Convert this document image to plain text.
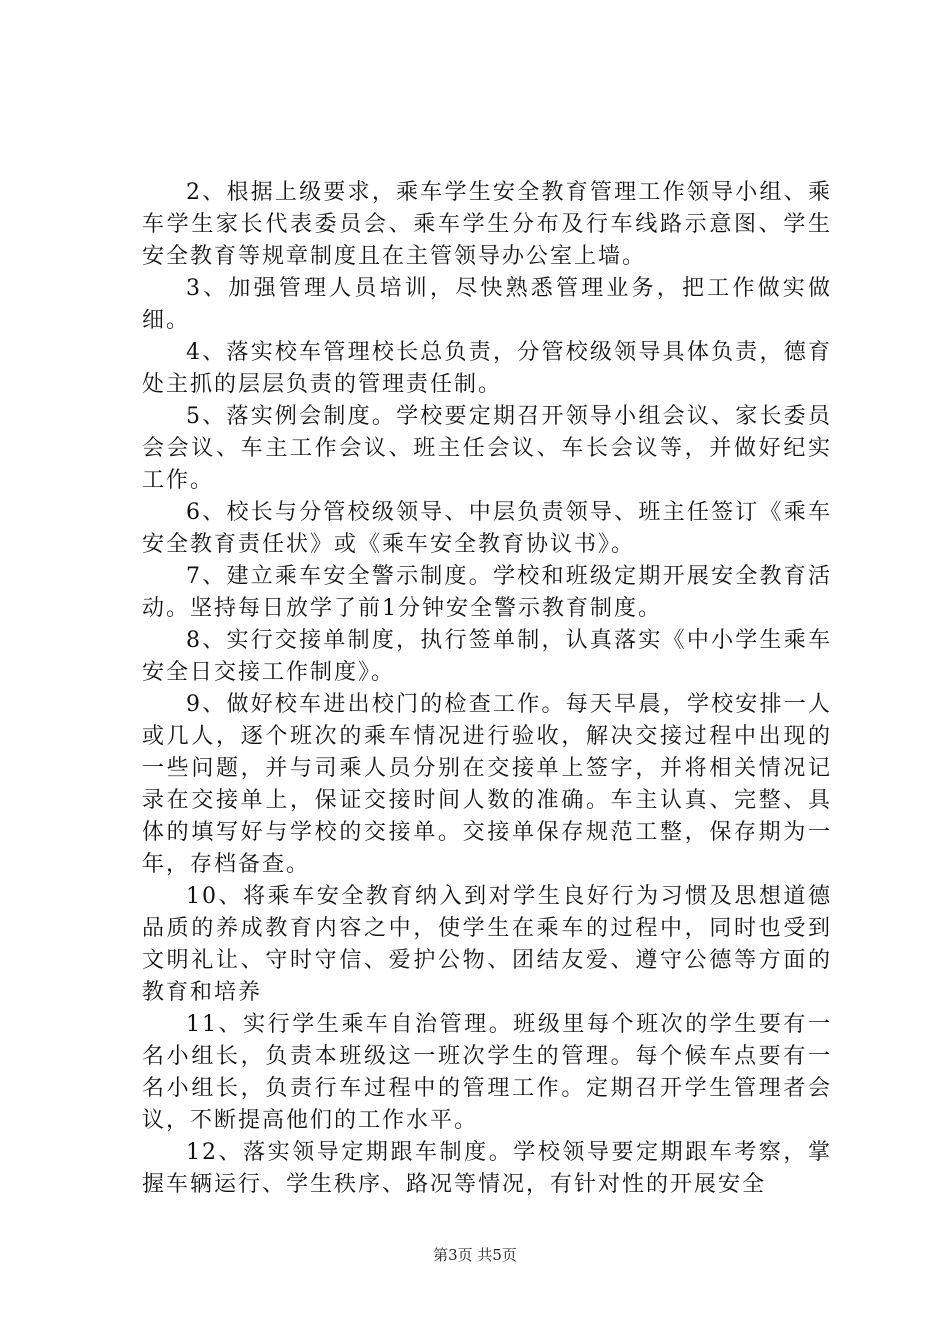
2、根据上级要求，乘车学生安全教育管理工作领导小组、乘车学生家长代表委员会、乘车学生分布及行车线路示意图、学生安全教育等规章制度且在主管领导办公室上墙。

3、加强管理人员培训，尽快熟悉管理业务，把工作做实做细。

4、落实校车管理校长总负责，分管校级领导具体负责，德育处主抓的层层负责的管理责任制。

5、落实例会制度。学校要定期召开领导小组会议、家长委员会会议、车主工作会议、班主任会议、车长会议等，并做好纪实工作。

6、校长与分管校级领导、中层负责领导、班主任签订《乘车安全教育责任状》或《乘车安全教育协议书》。

7、建立乘车安全警示制度。学校和班级定期开展安全教育活动。坚持每日放学了前1分钟安全警示教育制度。

8、实行交接单制度，执行签单制，认真落实《中小学生乘车安全日交接工作制度》。

9、做好校车进出校门的检查工作。每天早晨，学校安排一人或几人，逐个班次的乘车情况进行验收，解决交接过程中出现的一些问题，并与司乘人员分别在交接单上签字，并将相关情况记录在交接单上，保证交接时间人数的准确。车主认真、完整、具体的填写好与学校的交接单。交接单保存规范工整，保存期为一年，存档备查。

10、将乘车安全教育纳入到对学生良好行为习惯及思想道德品质的养成教育内容之中，使学生在乘车的过程中，同时也受到文明礼让、守时守信、爱护公物、团结友爱、遵守公德等方面的教育和培养

11、实行学生乘车自治管理。班级里每个班次的学生要有一名小组长，负责本班级这一班次学生的管理。每个候车点要有一名小组长，负责行车过程中的管理工作。定期召开学生管理者会议，不断提高他们的工作水平。

12、落实领导定期跟车制度。学校领导要定期跟车考察，掌握车辆运行、学生秩序、路况等情况，有针对性的开展安全

第3页 共5页
